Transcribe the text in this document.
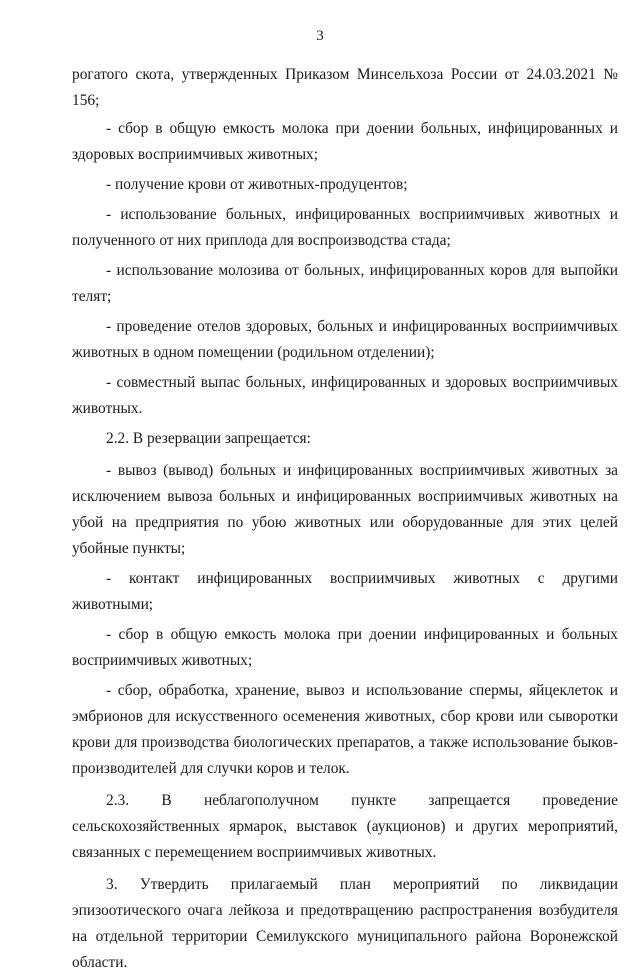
3

рогатого скота, утвержденных Приказом Минсельхоза России от 24.03.2021 № 156;

- сбор в общую емкость молока при доении больных, инфицированных и здоровых восприимчивых животных;

- получение крови от животных-продуцентов;

- использование больных, инфицированных восприимчивых животных и полученного от них приплода для воспроизводства стада;

- использование молозива от больных, инфицированных коров для выпойки телят;

- проведение отелов здоровых, больных и инфицированных восприимчивых животных в одном помещении (родильном отделении);

- совместный выпас больных, инфицированных и здоровых восприимчивых животных.

2.2. В резервации запрещается:

- вывоз (вывод) больных и инфицированных восприимчивых животных за исключением вывоза больных и инфицированных восприимчивых животных на убой на предприятия по убою животных или оборудованные для этих целей убойные пункты;

- контакт инфицированных восприимчивых животных с другими животными;

- сбор в общую емкость молока при доении инфицированных и больных восприимчивых животных;

- сбор, обработка, хранение, вывоз и использование спермы, яйцеклеток и эмбрионов для искусственного осеменения животных, сбор крови или сыворотки крови для производства биологических препаратов, а также использование быков-производителей для случки коров и телок.

2.3. В неблагополучном пункте запрещается проведение

сельскохозяйственных ярмарок, выставок (аукционов) и других мероприятий, связанных с перемещением восприимчивых животных.

3. Утвердить прилагаемый план мероприятий по ликвидации эпизоотического очага лейкоза и предотвращению распространения возбудителя на отдельной территории Семилукского муниципального района Воронежской области.
